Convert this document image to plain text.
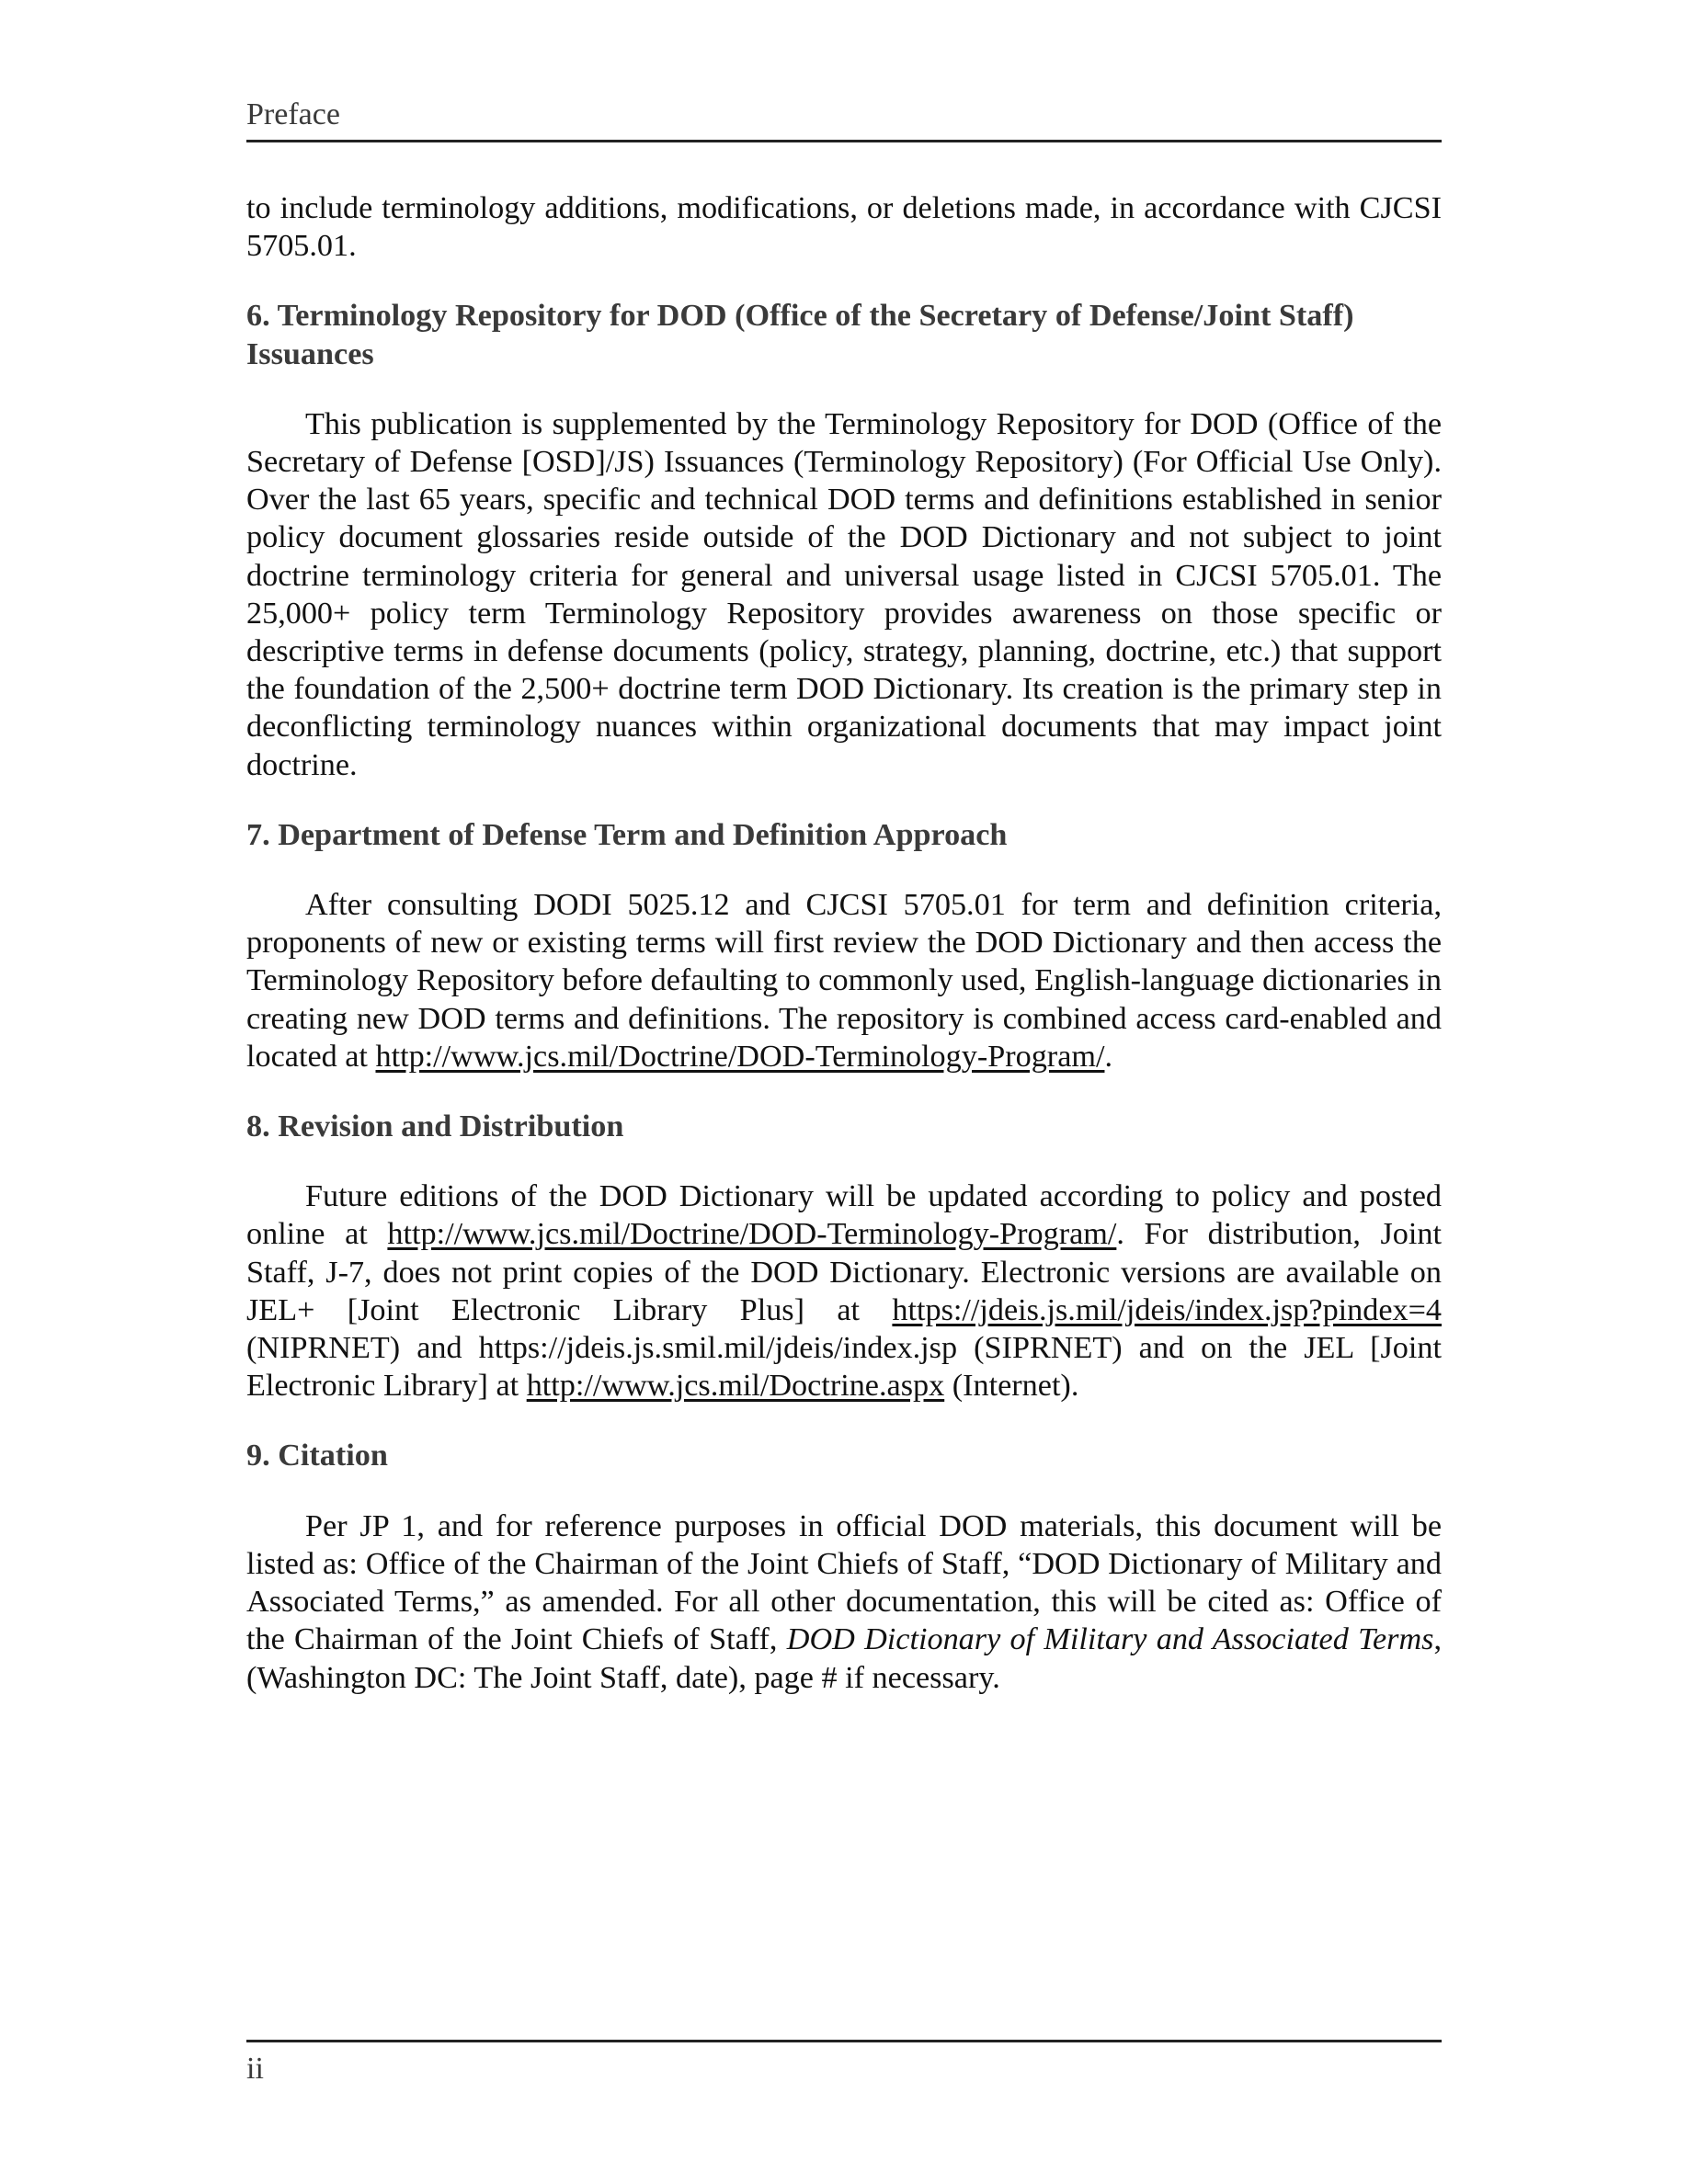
Preface

to include terminology additions, modifications, or deletions made, in accordance with CJCSI 5705.01.

6. Terminology Repository for DOD (Office of the Secretary of Defense/Joint Staff) Issuances

This publication is supplemented by the Terminology Repository for DOD (Office of the Secretary of Defense [OSD]/JS) Issuances (Terminology Repository) (For Official Use Only). Over the last 65 years, specific and technical DOD terms and definitions established in senior policy document glossaries reside outside of the DOD Dictionary and not subject to joint doctrine terminology criteria for general and universal usage listed in CJCSI 5705.01. The 25,000+ policy term Terminology Repository provides awareness on those specific or descriptive terms in defense documents (policy, strategy, planning, doctrine, etc.) that support the foundation of the 2,500+ doctrine term DOD Dictionary. Its creation is the primary step in deconflicting terminology nuances within organizational documents that may impact joint doctrine.

7. Department of Defense Term and Definition Approach

After consulting DODI 5025.12 and CJCSI 5705.01 for term and definition criteria, proponents of new or existing terms will first review the DOD Dictionary and then access the Terminology Repository before defaulting to commonly used, English-language dictionaries in creating new DOD terms and definitions. The repository is combined access card-enabled and located at http://www.jcs.mil/Doctrine/DOD-Terminology-Program/.

8. Revision and Distribution

Future editions of the DOD Dictionary will be updated according to policy and posted online at http://www.jcs.mil/Doctrine/DOD-Terminology-Program/. For distribution, Joint Staff, J-7, does not print copies of the DOD Dictionary. Electronic versions are available on JEL+ [Joint Electronic Library Plus] at https://jdeis.js.mil/jdeis/index.jsp?pindex=4 (NIPRNET) and https://jdeis.js.smil.mil/jdeis/index.jsp (SIPRNET) and on the JEL [Joint Electronic Library] at http://www.jcs.mil/Doctrine.aspx (Internet).

9. Citation

Per JP 1, and for reference purposes in official DOD materials, this document will be listed as: Office of the Chairman of the Joint Chiefs of Staff, “DOD Dictionary of Military and Associated Terms,” as amended. For all other documentation, this will be cited as: Office of the Chairman of the Joint Chiefs of Staff, DOD Dictionary of Military and Associated Terms, (Washington DC: The Joint Staff, date), page # if necessary.

ii
